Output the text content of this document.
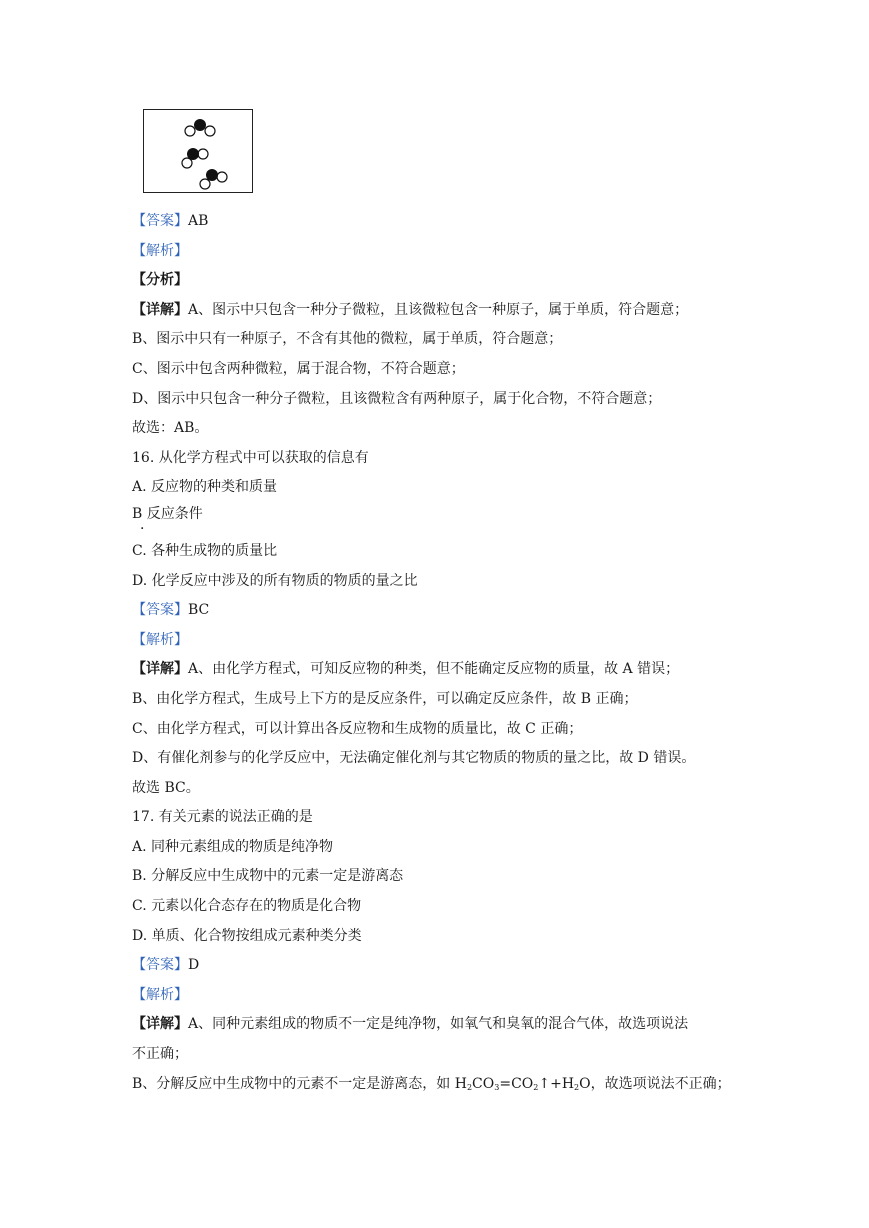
【答案】AB
【解析】
【分析】
【详解】A、图示中只包含一种分子微粒，且该微粒包含一种原子，属于单质，符合题意；
B、图示中只有一种原子，不含有其他的微粒，属于单质，符合题意；
C、图示中包含两种微粒，属于混合物，不符合题意；
D、图示中只包含一种分子微粒，且该微粒含有两种原子，属于化合物，不符合题意；
故选：AB。
16. 从化学方程式中可以获取的信息有
A. 反应物的种类和质量
B 反应条件
·
C. 各种生成物的质量比
D. 化学反应中涉及的所有物质的物质的量之比
【答案】BC
【解析】
【详解】A、由化学方程式，可知反应物的种类，但不能确定反应物的质量，故 A 错误；
B、由化学方程式，生成号上下方的是反应条件，可以确定反应条件，故 B 正确；
C、由化学方程式，可以计算出各反应物和生成物的质量比，故 C 正确；
D、有催化剂参与的化学反应中，无法确定催化剂与其它物质的物质的量之比，故 D 错误。
故选 BC。
17. 有关元素的说法正确的是
A. 同种元素组成的物质是纯净物
B. 分解反应中生成物中的元素一定是游离态
C. 元素以化合态存在的物质是化合物
D. 单质、化合物按组成元素种类分类
【答案】D
【解析】
【详解】A、同种元素组成的物质不一定是纯净物，如氧气和臭氧的混合气体，故选项说法
不正确；
B、分解反应中生成物中的元素不一定是游离态，如 $H_2CO_3=CO_2↑+H_2O$，故选项说法不正确；
